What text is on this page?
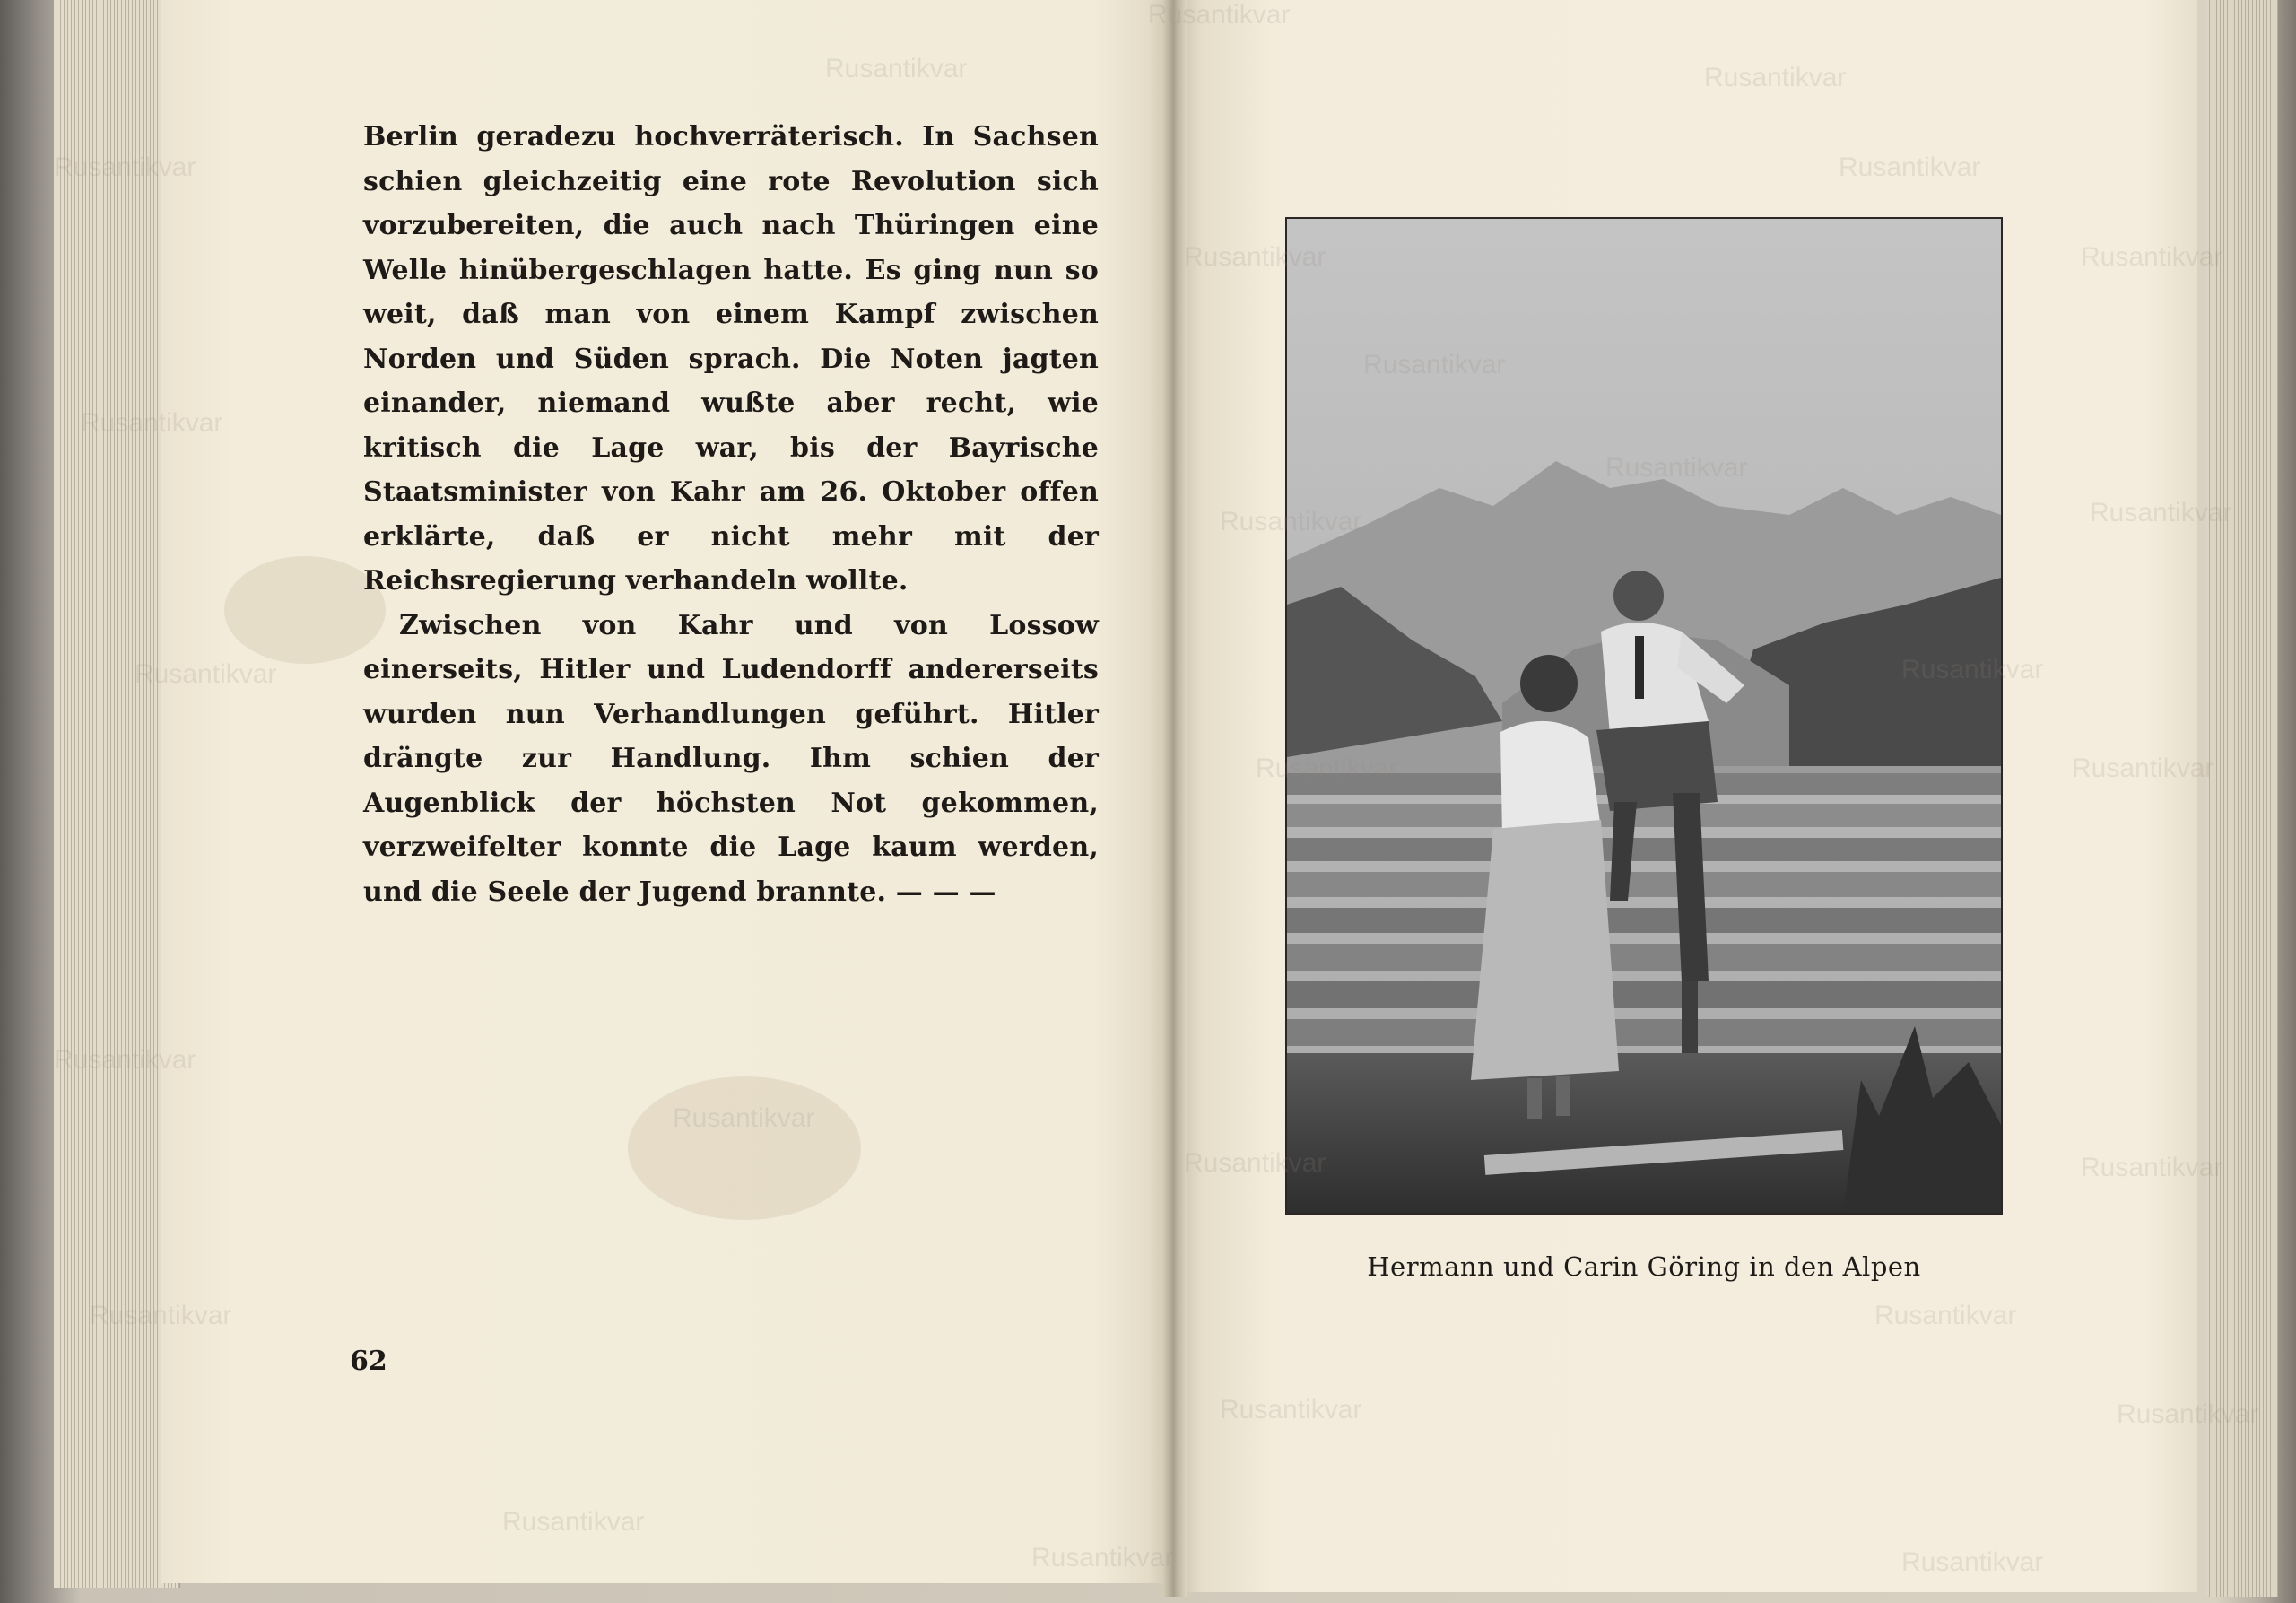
Berlin geradezu hochverräterisch. In Sachsen schien gleichzeitig eine rote Revolution sich vorzubereiten, die auch nach Thüringen eine Welle hinübergeschlagen hatte. Es ging nun so weit, daß man von einem Kampf zwischen Norden und Süden sprach. Die Noten jagten einander, niemand wußte aber recht, wie kritisch die Lage war, bis der Bayrische Staatsminister von Kahr am 26. Oktober offen erklärte, daß er nicht mehr mit der Reichsregierung verhandeln wollte.

Zwischen von Kahr und von Lossow einerseits, Hitler und Ludendorff andererseits wurden nun Verhandlungen geführt. Hitler drängte zur Handlung. Ihm schien der Augenblick der höchsten Not gekommen, verzweifelter konnte die Lage kaum werden, und die Seele der Jugend brannte. — — —

62
Hermann und Carin Göring in den Alpen
